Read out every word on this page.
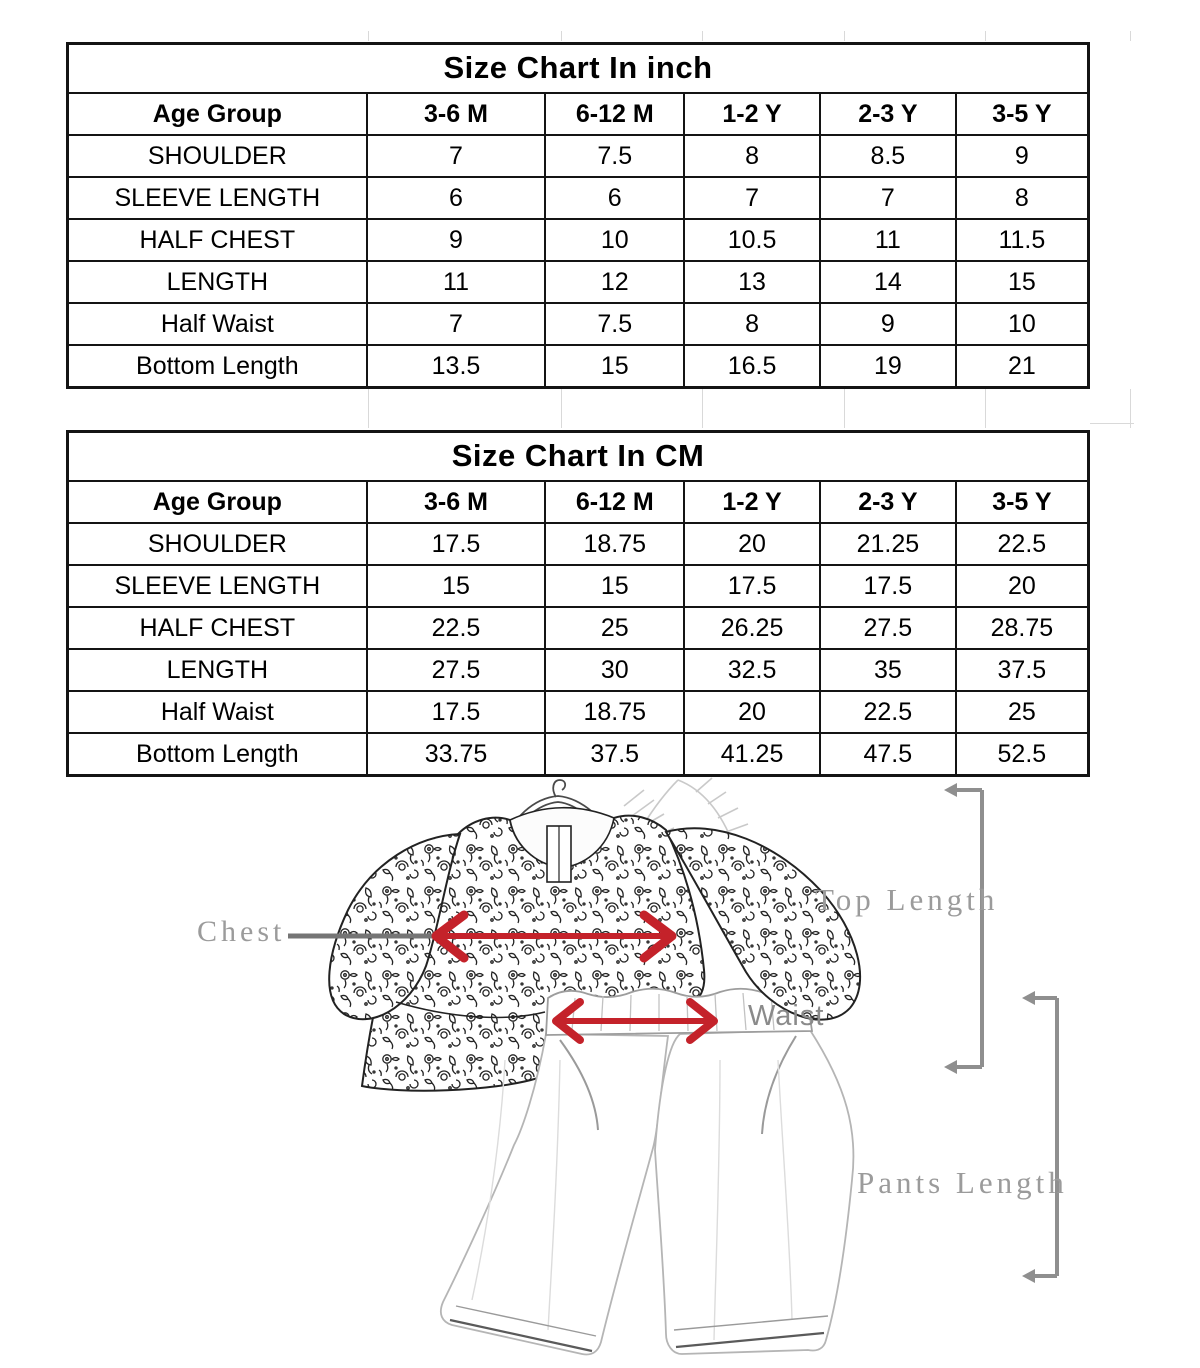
Size Chart In inch					
Age Group	3-6 M	6-12 M	1-2 Y	2-3 Y	3-5 Y
SHOULDER	7	7.5	8	8.5	9
SLEEVE LENGTH	6	6	7	7	8
HALF CHEST	9	10	10.5	11	11.5
LENGTH	11	12	13	14	15
Half Waist	7	7.5	8	9	10
Bottom Length	13.5	15	16.5	19	21
Size Chart In CM					
Age Group	3-6 M	6-12 M	1-2 Y	2-3 Y	3-5 Y
SHOULDER	17.5	18.75	20	21.25	22.5
SLEEVE LENGTH	15	15	17.5	17.5	20
HALF CHEST	22.5	25	26.25	27.5	28.75
LENGTH	27.5	30	32.5	35	37.5
Half Waist	17.5	18.75	20	22.5	25
Bottom Length	33.75	37.5	41.25	47.5	52.5
Chest
Waist
Top Length
Pants Length
